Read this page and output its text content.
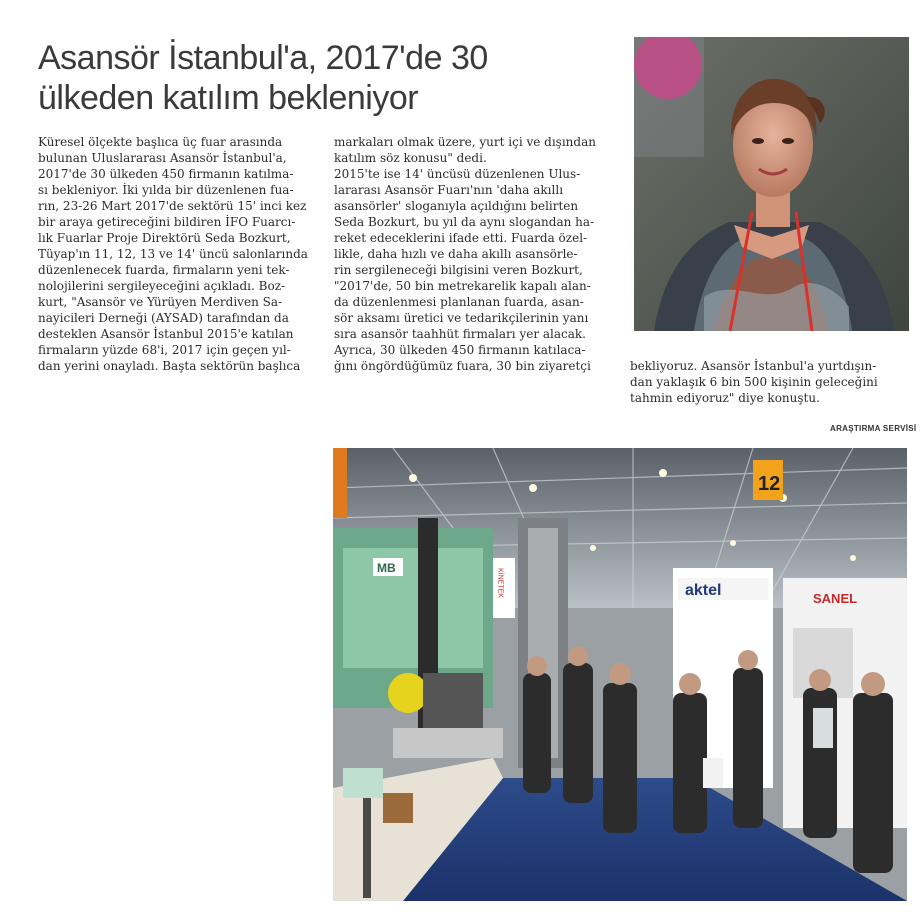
Asansör İstanbul'a, 2017'de 30
ülkeden katılım bekleniyor
Küresel ölçekte başlıca üç fuar arasında
bulunan Uluslararası Asansör İstanbul'a,
2017'de 30 ülkeden 450 firmanın katılma-
sı bekleniyor. İki yılda bir düzenlenen fua-
rın, 23-26 Mart 2017'de sektörü 15' inci kez
bir araya getireceğini bildiren İFO Fuarcı-
lık Fuarlar Proje Direktörü Seda Bozkurt,
Tüyap'ın 11, 12, 13 ve 14' üncü salonlarında
düzenlenecek fuarda, firmaların yeni tek-
nolojilerini sergileyeceğini açıkladı. Boz-
kurt, "Asansör ve Yürüyen Merdiven Sa-
nayicileri Derneği (AYSAD) tarafından da
desteklen Asansör İstanbul 2015'e katılan
firmaların yüzde 68'i, 2017 için geçen yıl-
dan yerini onayladı. Başta sektörün başlıca
markaları olmak üzere, yurt içi ve dışından
katılım söz konusu" dedi.
2015'te ise 14' üncüsü düzenlenen Ulus-
lararası Asansör Fuarı'nın 'daha akıllı
asansörler' sloganıyla açıldığını belirten
Seda Bozkurt, bu yıl da aynı slogandan ha-
reket edeceklerini ifade etti. Fuarda özel-
likle, daha hızlı ve daha akıllı asansörle-
rin sergileneceği bilgisini veren Bozkurt,
"2017'de, 50 bin metrekarelik kapalı alan-
da düzenlenmesi planlanan fuarda, asan-
sör aksamı üretici ve tedarikçilerinin yanı
sıra asansör taahhüt firmaları yer alacak.
Ayrıca, 30 ülkeden 450 firmanın katılaca-
ğını öngördüğümüz fuara, 30 bin ziyaretçi	bekliyoruz. Asansör İstanbul'a yurtdışın-
dan yaklaşık 6 bin 500 kişinin geleceğini
tahmin ediyoruz" diye konuştu.
ARAŞTIRMA SERVİSİ
12
MB	KİNETEK	aktel	SANEL
